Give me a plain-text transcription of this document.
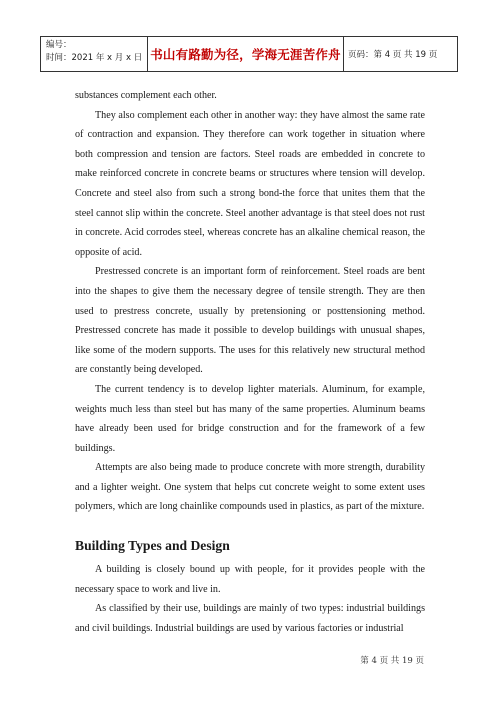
编号：
时间：2021 年 x 月 x 日 书山有路勤为径，学海无涯苦作舟 页码：第 4 页 共 19 页

substances complement each other.

They also complement each other in another way: they have almost the same rate of contraction and expansion. They therefore can work together in situation where both compression and tension are factors. Steel roads are embedded in concrete to make reinforced concrete in concrete beams or structures where tension will develop. Concrete and steel also from such a strong bond-the force that unites them that the steel cannot slip within the concrete. Steel another advantage is that steel does not rust in concrete. Acid corrodes steel, whereas concrete has an alkaline chemical reason, the opposite of acid.

Prestressed concrete is an important form of reinforcement. Steel roads are bent into the shapes to give them the necessary degree of tensile strength. They are then used to prestress concrete, usually by pretensioning or posttensioning method. Prestressed concrete has made it possible to develop buildings with unusual shapes, like some of the modern supports. The uses for this relatively new structural method are constantly being developed.

The current tendency is to develop lighter materials. Aluminum, for example, weights much less than steel but has many of the same properties. Aluminum beams have already been used for bridge construction and for the framework of a few buildings.

Attempts are also being made to produce concrete with more strength, durability and a lighter weight. One system that helps cut concrete weight to some extent uses polymers, which are long chainlike compounds used in plastics, as part of the mixture.

Building Types and Design

A building is closely bound up with people, for it provides people with the necessary space to work and live in.

As classified by their use, buildings are mainly of two types: industrial buildings and civil buildings. Industrial buildings are used by various factories or industrial

第 4 页 共 19 页
